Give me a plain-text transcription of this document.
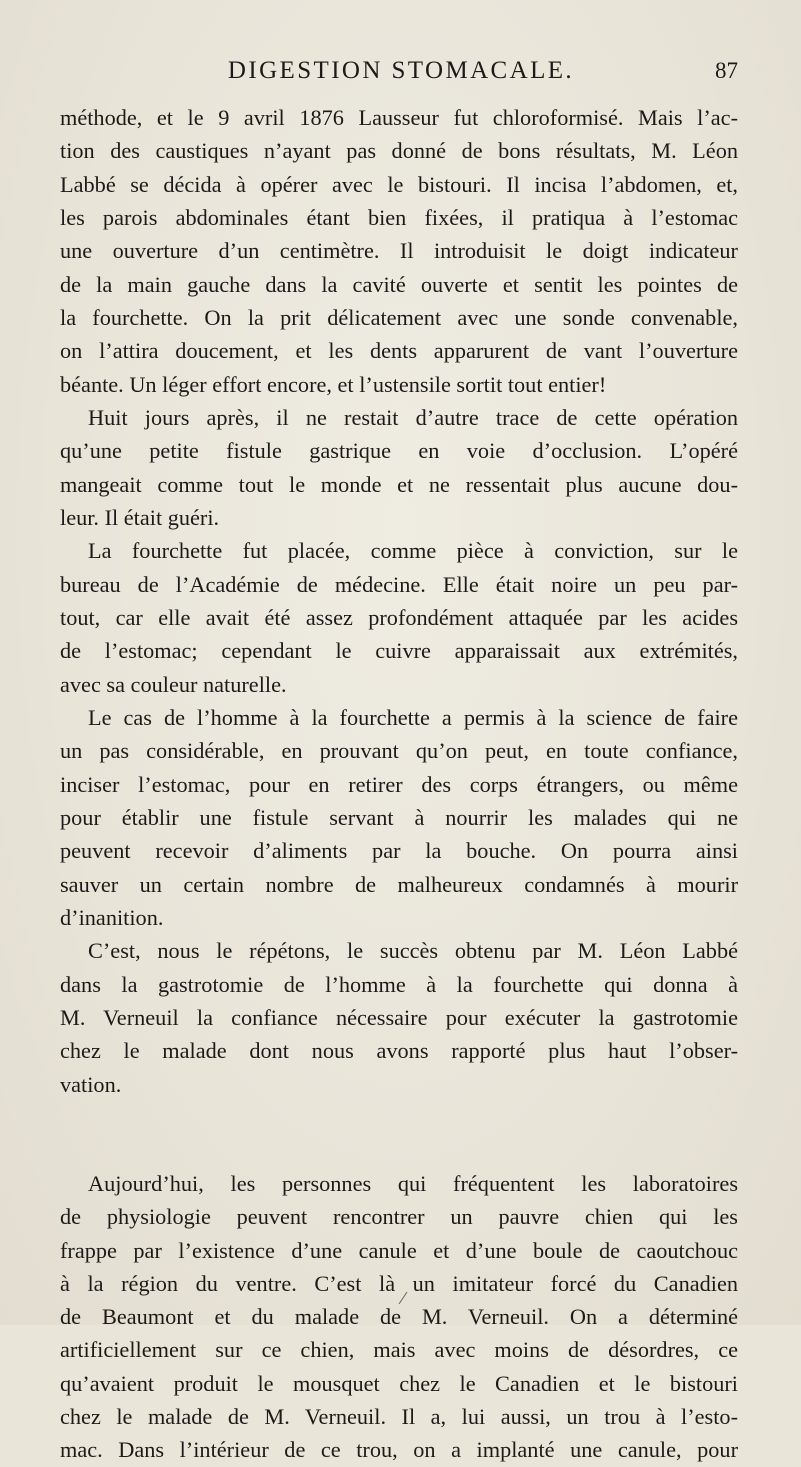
DIGESTION STOMACALE.	87
méthode, et le 9 avril 1876 Lausseur fut chloroformisé. Mais l’ac-
tion des caustiques n’ayant pas donné de bons résultats, M. Léon
Labbé se décida à opérer avec le bistouri. Il incisa l’abdomen, et,
les parois abdominales étant bien fixées, il pratiqua à l’estomac
une ouverture d’un centimètre. Il introduisit le doigt indicateur
de la main gauche dans la cavité ouverte et sentit les pointes de
la fourchette. On la prit délicatement avec une sonde convenable,
on l’attira doucement, et les dents apparurent de vant l’ouverture
béante. Un léger effort encore, et l’ustensile sortit tout entier!
Huit jours après, il ne restait d’autre trace de cette opération
qu’une petite fistule gastrique en voie d’occlusion. L’opéré
mangeait comme tout le monde et ne ressentait plus aucune dou-
leur. Il était guéri.
La fourchette fut placée, comme pièce à conviction, sur le
bureau de l’Académie de médecine. Elle était noire un peu par-
tout, car elle avait été assez profondément attaquée par les acides
de l’estomac; cependant le cuivre apparaissait aux extrémités,
avec sa couleur naturelle.
Le cas de l’homme à la fourchette a permis à la science de faire
un pas considérable, en prouvant qu’on peut, en toute confiance,
inciser l’estomac, pour en retirer des corps étrangers, ou même
pour établir une fistule servant à nourrir les malades qui ne
peuvent recevoir d’aliments par la bouche. On pourra ainsi
sauver un certain nombre de malheureux condamnés à mourir
d’inanition.
C’est, nous le répétons, le succès obtenu par M. Léon Labbé
dans la gastrotomie de l’homme à la fourchette qui donna à
M. Verneuil la confiance nécessaire pour exécuter la gastrotomie
chez le malade dont nous avons rapporté plus haut l’obser-
vation.
Aujourd’hui, les personnes qui fréquentent les laboratoires
de physiologie peuvent rencontrer un pauvre chien qui les
frappe par l’existence d’une canule et d’une boule de caoutchouc
à la région du ventre. C’est là un imitateur forcé du Canadien
de Beaumont et du malade de M. Verneuil. On a déterminé
artificiellement sur ce chien, mais avec moins de désordres, ce
qu’avaient produit le mousquet chez le Canadien et le bistouri
chez le malade de M. Verneuil. Il a, lui aussi, un trou à l’esto-
mac. Dans l’intérieur de ce trou, on a implanté une canule, pour
